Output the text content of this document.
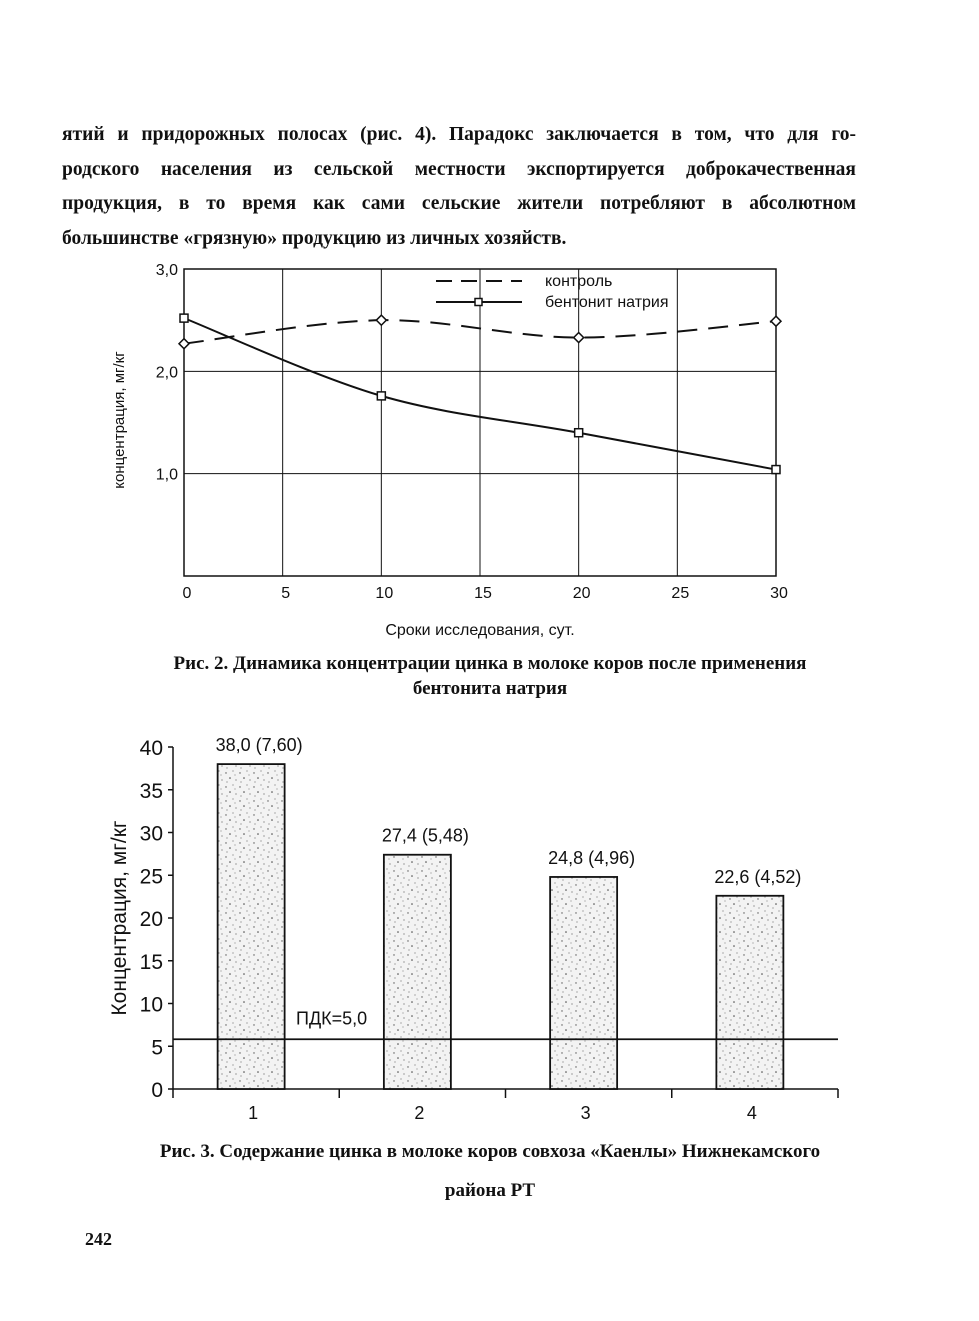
ятий и придорожных полосах (рис. 4). Парадокс заключается в том, что для го-
родского населения из сельской местности экспортируется доброкачественная
продукция, в то время как сами сельские жители потребляют в абсолютном
большинстве «грязную» продукцию из личных хозяйств.
0	5	10	15	20	25	30
1,0
2,0
3,0
контроль
бентонит натрия
Сроки исследования, сут.
концентрация, мг/кг
38,0 (7,60)
27,4 (5,48)
24,8 (4,96)
22,6 (4,52)
ПДК=5,0
0
5
10
15
20
25
30
35
40
1	2	3	4
Концентрация, мг/кг
Рис. 2. Динамика концентрации цинка в молоке коров после применения
бентонита натрия
Рис. 3. Содержание цинка в молоке коров совхоза «Каенлы» Нижнекамского
района РТ
242
